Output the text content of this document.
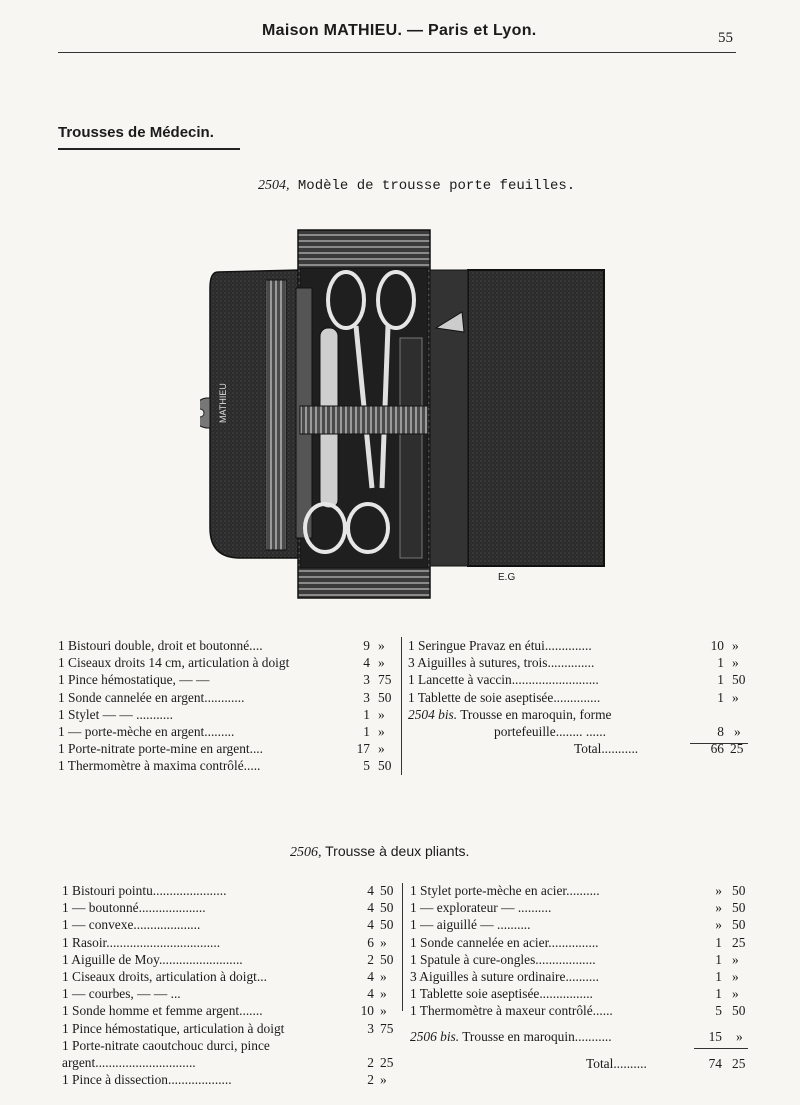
Maison MATHIEU. — Paris et Lyon.	55
Trousses de Médecin.
2504, Modèle de trousse porte feuilles.
MATHIEU
E.G
1 Bistouri double, droit et boutonné....	9 »
1 Ciseaux droits 14 cm, articulation à doigt	4 »
1 Pince hémostatique, — —	3 75
1 Sonde cannelée en argent............	3 50
1 Stylet — — ...........	1 »
1 — porte-mèche en argent.........	1 »
1 Porte-nitrate porte-mine en argent....	17 »
1 Thermomètre à maxima contrôlé.....	5 50
1 Seringue Pravaz en étui..............	10 »
3 Aiguilles à sutures, trois..............	1 »
1 Lancette à vaccin..........................	1 50
1 Tablette de soie aseptisée..............	1 »
2504 bis. Trousse en maroquin, forme
portefeuille........ ......	8 »
Total...........	66 25
2506, Trousse à deux pliants.
1 Bistouri pointu......................	4 50
1 — boutonné....................	4 50
1 — convexe....................	4 50
1 Rasoir..................................	6 »
1 Aiguille de Moy.........................	2 50
1 Ciseaux droits, articulation à doigt...	4 »
1 — courbes, — — ...	4 »
1 Sonde homme et femme argent.......	10 »
1 Pince hémostatique, articulation à doigt	3 75
1 Porte-nitrate caoutchouc durci, pince
argent..............................	2 25
1 Pince à dissection...................	2 »
1 Stylet porte-mèche en acier..........	» 50
1 — explorateur — ..........	» 50
1 — aiguillé — ..........	» 50
1 Sonde cannelée en acier...............	1 25
1 Spatule à cure-ongles..................	1 »
3 Aiguilles à suture ordinaire..........	1 »
1 Tablette soie aseptisée................	1 »
1 Thermomètre à maxeur contrôlé......	5 50
2506 bis. Trousse en maroquin...........	15 »
Total..........	74 25
